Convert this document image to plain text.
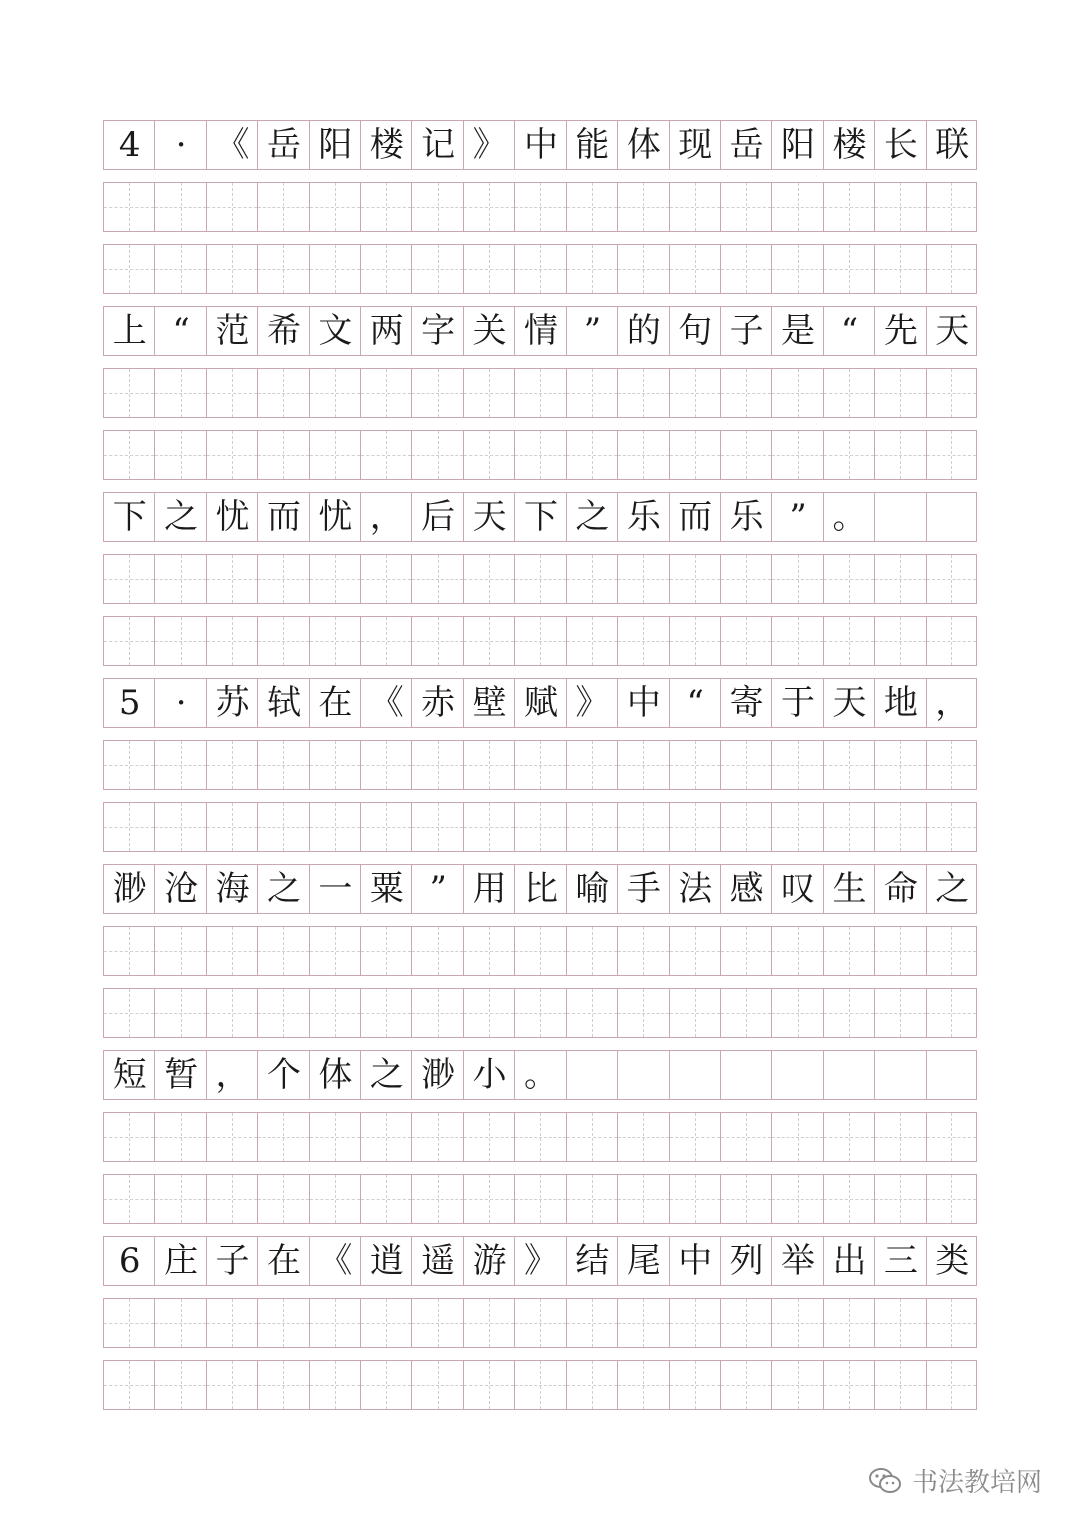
4	· 《 岳 阳 楼 记 》 中 能 体 现 岳 阳 楼 长 联
上 “ 范 希 文 两 字 关 情 ” 的 句 子 是 “ 先 天
下 之 忧 而 忧 ， 后 天 下 之 乐 而 乐 ” 。
5	· 苏 轼 在 《 赤 壁 赋 》 中 “ 寄 于 天 地 ，
渺 沧 海 之 一 粟 ” 用 比 喻 手 法 感 叹 生 命 之
短 暂 ， 个 体 之 渺 小 。
6 庄 子 在 《 逍 遥 游 》 结 尾 中 列 举 出 三 类
书法教培网
